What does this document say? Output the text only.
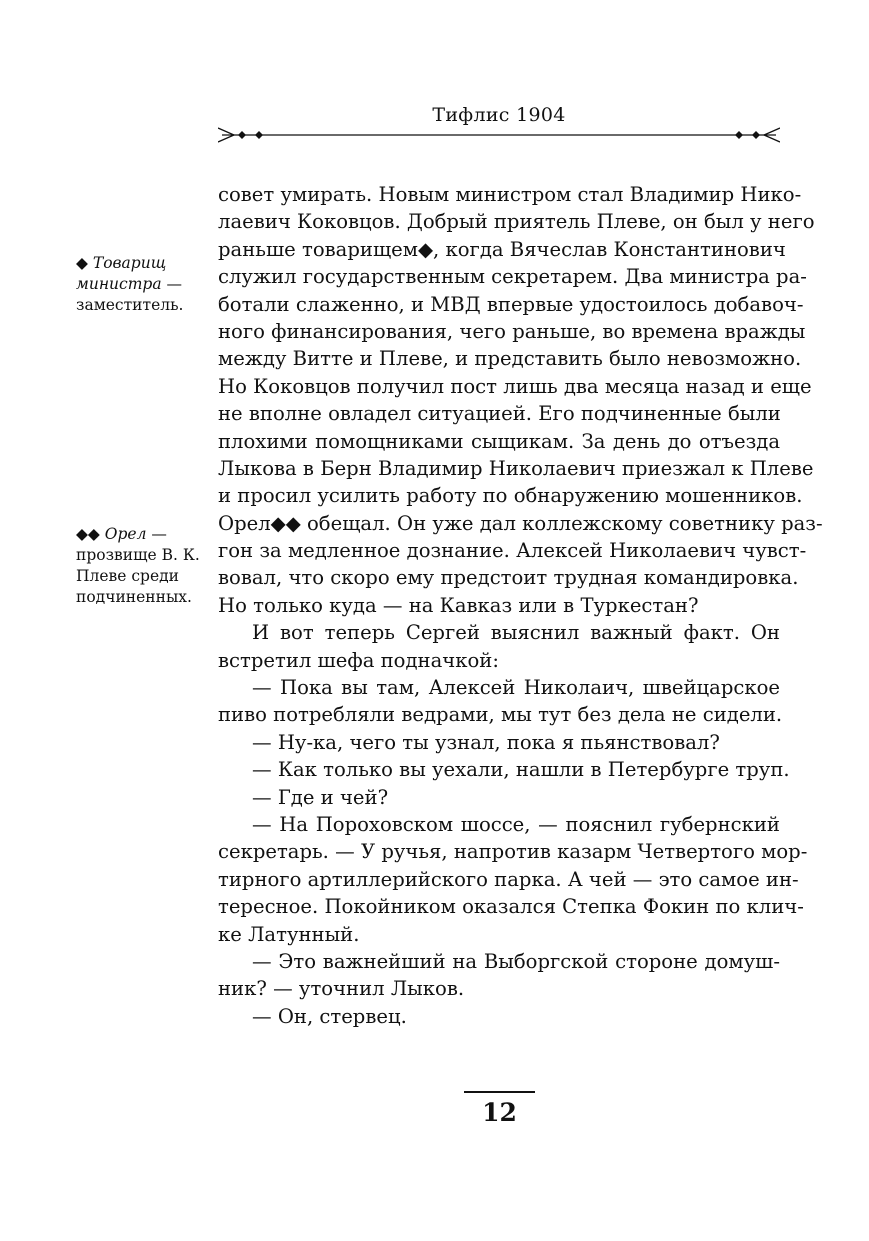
Тифлис 1904
◆ Товарищ министра — заместитель.
◆◆ Орел — прозвище В. К. Плеве среди подчиненных.
совет умирать. Новым министром стал Владимир Нико-
лаевич Коковцов. Добрый приятель Плеве, он был у него
раньше товарищем◆, когда Вячеслав Константинович
служил государственным секретарем. Два министра ра-
ботали слаженно, и МВД впервые удостоилось добавоч-
ного финансирования, чего раньше, во времена вражды
между Витте и Плеве, и представить было невозможно.
Но Коковцов получил пост лишь два месяца назад и еще
не вполне овладел ситуацией. Его подчиненные были
плохими помощниками сыщикам. За день до отъезда
Лыкова в Берн Владимир Николаевич приезжал к Плеве
и просил усилить работу по обнаружению мошенников.
Орел◆◆ обещал. Он уже дал коллежскому советнику раз-
гон за медленное дознание. Алексей Николаевич чувст-
вовал, что скоро ему предстоит трудная командировка.
Но только куда — на Кавказ или в Туркестан?
И вот теперь Сергей выяснил важный факт. Он
встретил шефа подначкой:
— Пока вы там, Алексей Николаич, швейцарское
пиво потребляли ведрами, мы тут без дела не сидели.
— Ну-ка, чего ты узнал, пока я пьянствовал?
— Как только вы уехали, нашли в Петербурге труп.
— Где и чей?
— На Пороховском шоссе, — пояснил губернский
секретарь. — У ручья, напротив казарм Четвертого мор-
тирного артиллерийского парка. А чей — это самое ин-
тересное. Покойником оказался Степка Фокин по клич-
ке Латунный.
— Это важнейший на Выборгской стороне домуш-
ник? — уточнил Лыков.
— Он, стервец.
12
